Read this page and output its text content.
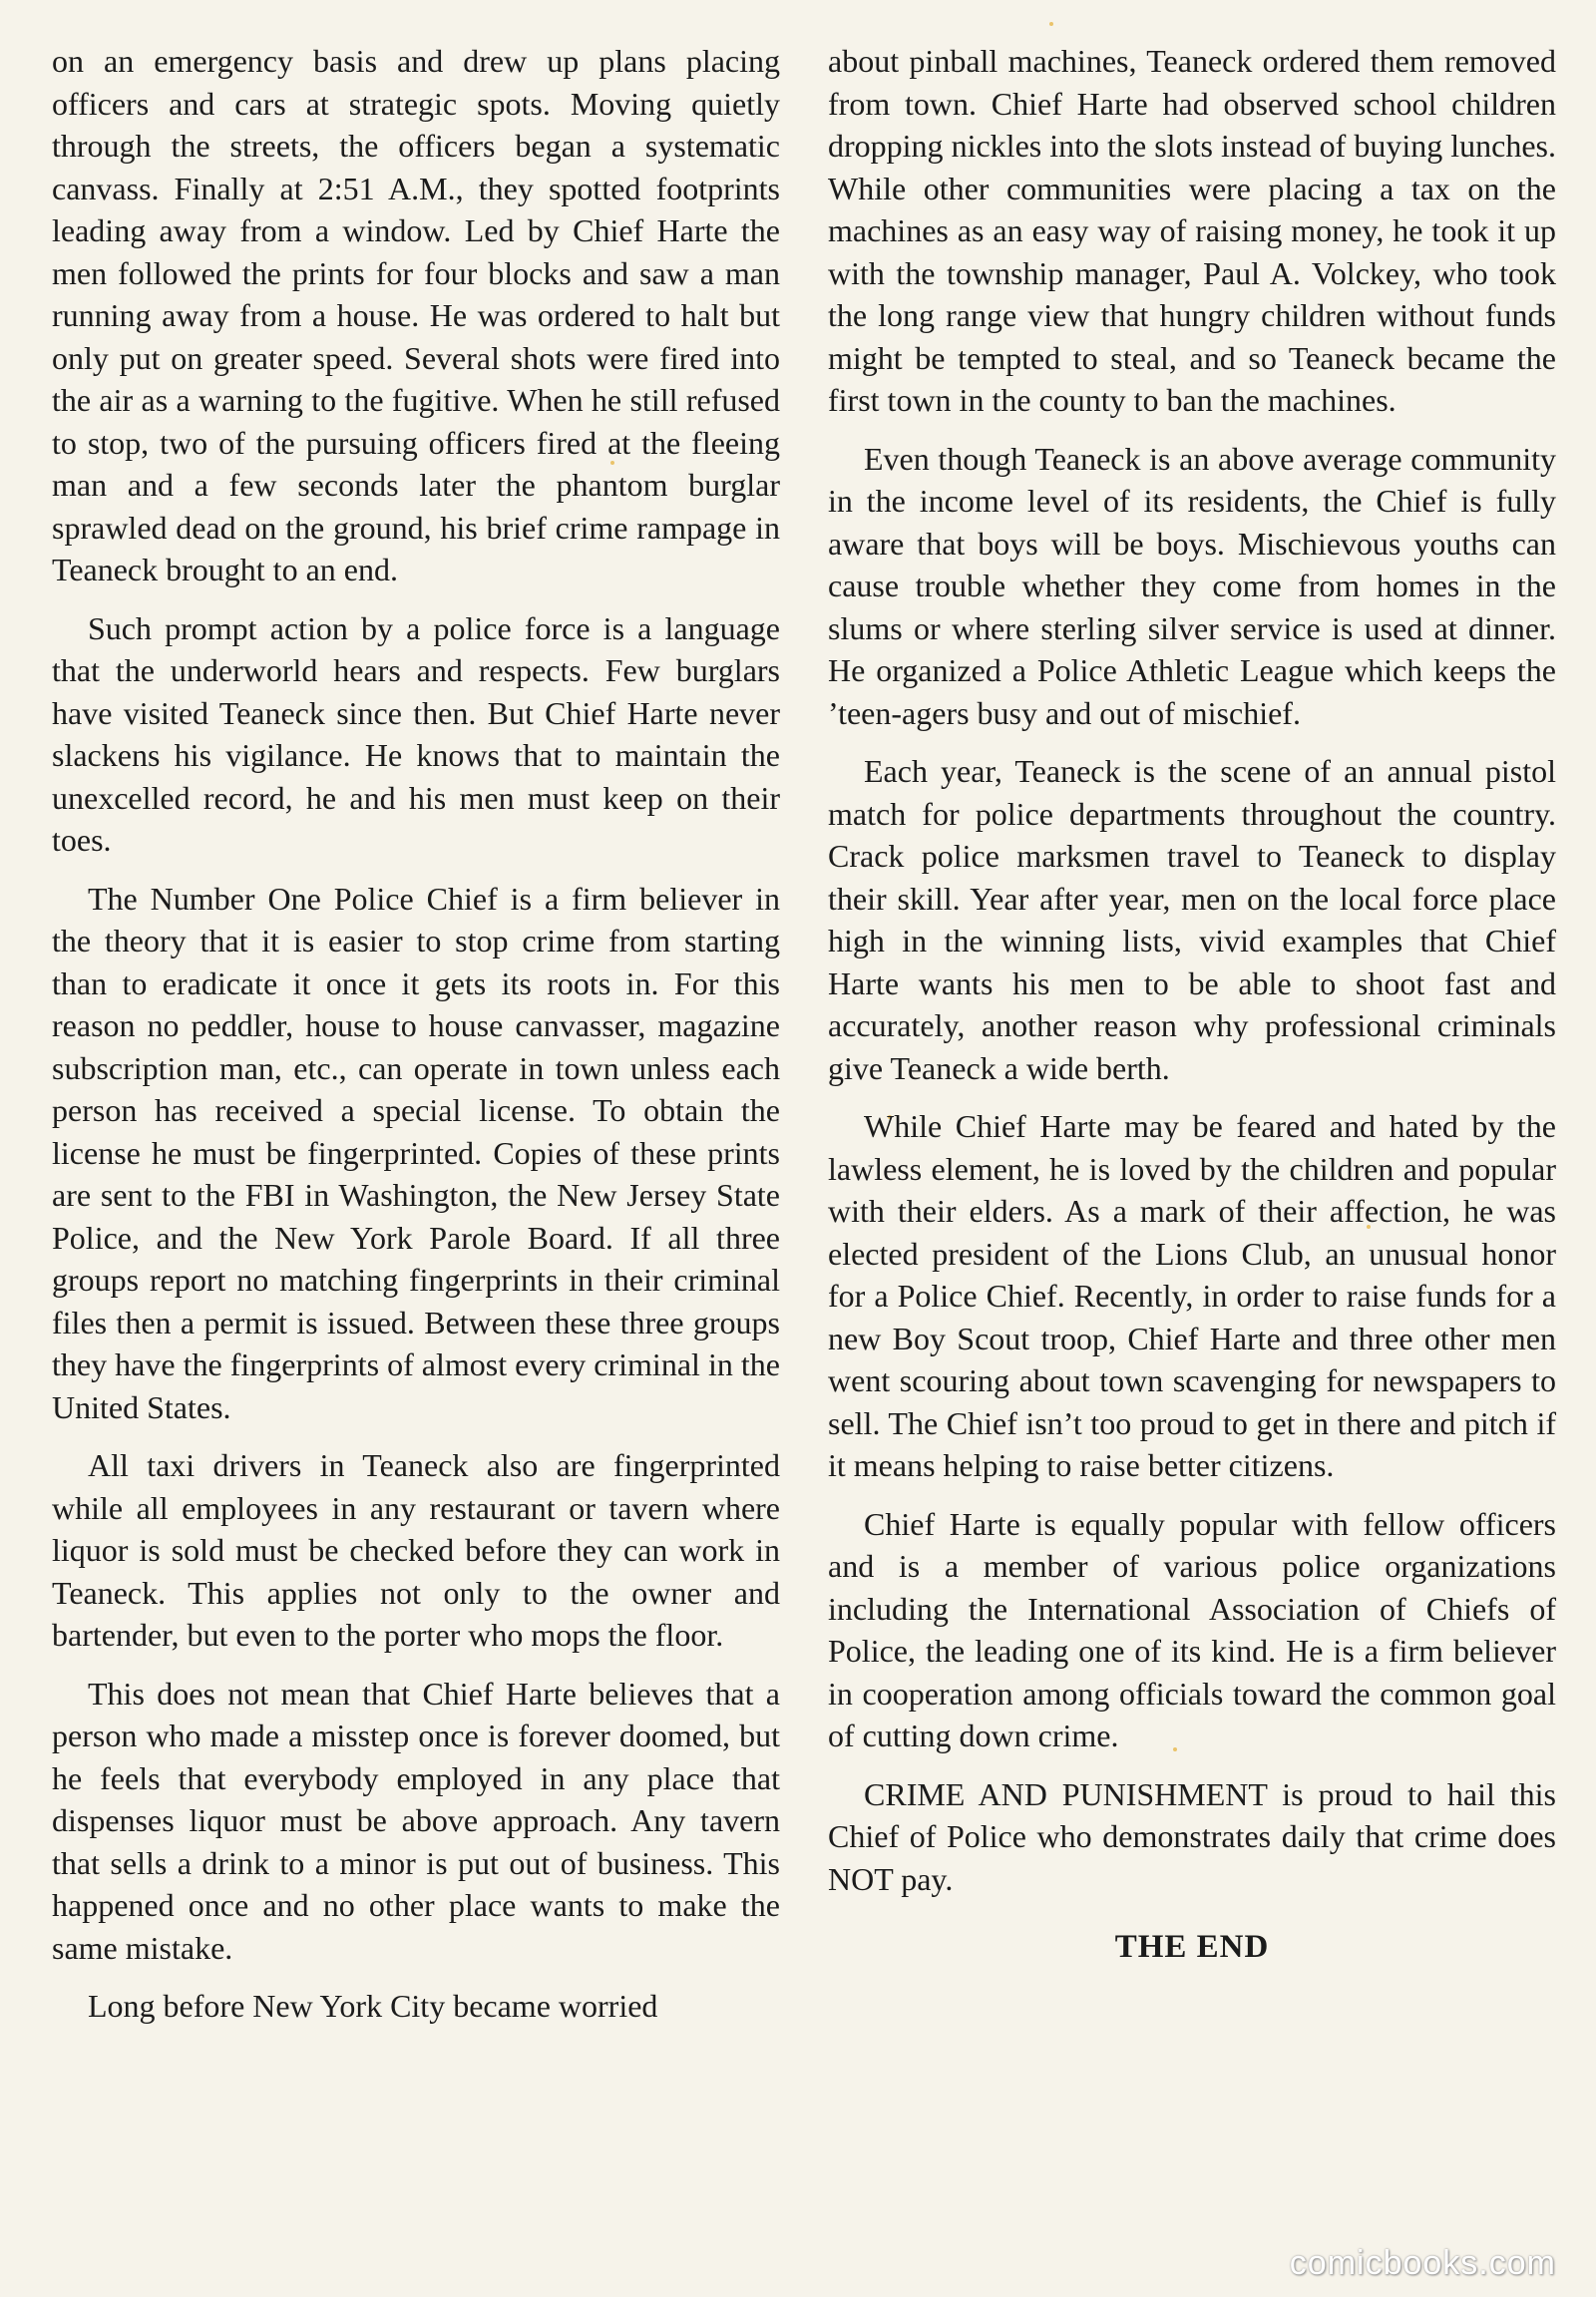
on an emergency basis and drew up plans placing officers and cars at strategic spots. Moving quietly through the streets, the officers began a systematic canvass. Finally at 2:51 A.M., they spotted footprints leading away from a window. Led by Chief Harte the men followed the prints for four blocks and saw a man running away from a house. He was ordered to halt but only put on greater speed. Several shots were fired into the air as a warning to the fugitive. When he still refused to stop, two of the pursuing officers fired at the fleeing man and a few seconds later the phantom burglar sprawled dead on the ground, his brief crime rampage in Teaneck brought to an end.

Such prompt action by a police force is a language that the underworld hears and respects. Few burglars have visited Teaneck since then. But Chief Harte never slackens his vigilance. He knows that to maintain the unexcelled record, he and his men must keep on their toes.

The Number One Police Chief is a firm believer in the theory that it is easier to stop crime from starting than to eradicate it once it gets its roots in. For this reason no peddler, house to house canvasser, magazine subscription man, etc., can operate in town unless each person has received a special license. To obtain the license he must be fingerprinted. Copies of these prints are sent to the FBI in Washington, the New Jersey State Police, and the New York Parole Board. If all three groups report no matching fingerprints in their criminal files then a permit is issued. Between these three groups they have the fingerprints of almost every criminal in the United States.

All taxi drivers in Teaneck also are fingerprinted while all employees in any restaurant or tavern where liquor is sold must be checked before they can work in Teaneck. This applies not only to the owner and bartender, but even to the porter who mops the floor.

This does not mean that Chief Harte believes that a person who made a misstep once is forever doomed, but he feels that everybody employed in any place that dispenses liquor must be above approach. Any tavern that sells a drink to a minor is put out of business. This happened once and no other place wants to make the same mistake.

Long before New York City became worried

about pinball machines, Teaneck ordered them removed from town. Chief Harte had observed school children dropping nickles into the slots instead of buying lunches. While other communities were placing a tax on the machines as an easy way of raising money, he took it up with the township manager, Paul A. Volckey, who took the long range view that hungry children without funds might be tempted to steal, and so Teaneck became the first town in the county to ban the machines.

Even though Teaneck is an above average community in the income level of its residents, the Chief is fully aware that boys will be boys. Mischievous youths can cause trouble whether they come from homes in the slums or where sterling silver service is used at dinner. He organized a Police Athletic League which keeps the ’teen-agers busy and out of mischief.

Each year, Teaneck is the scene of an annual pistol match for police departments throughout the country. Crack police marksmen travel to Teaneck to display their skill. Year after year, men on the local force place high in the winning lists, vivid examples that Chief Harte wants his men to be able to shoot fast and accurately, another reason why professional criminals give Teaneck a wide berth.

While Chief Harte may be feared and hated by the lawless element, he is loved by the children and popular with their elders. As a mark of their affection, he was elected president of the Lions Club, an unusual honor for a Police Chief. Recently, in order to raise funds for a new Boy Scout troop, Chief Harte and three other men went scouring about town scavenging for newspapers to sell. The Chief isn’t too proud to get in there and pitch if it means helping to raise better citizens.

Chief Harte is equally popular with fellow officers and is a member of various police organizations including the International Association of Chiefs of Police, the leading one of its kind. He is a firm believer in cooperation among officials toward the common goal of cutting down crime.

CRIME AND PUNISHMENT is proud to hail this Chief of Police who demonstrates daily that crime does NOT pay.

THE END

comicbooks.com
